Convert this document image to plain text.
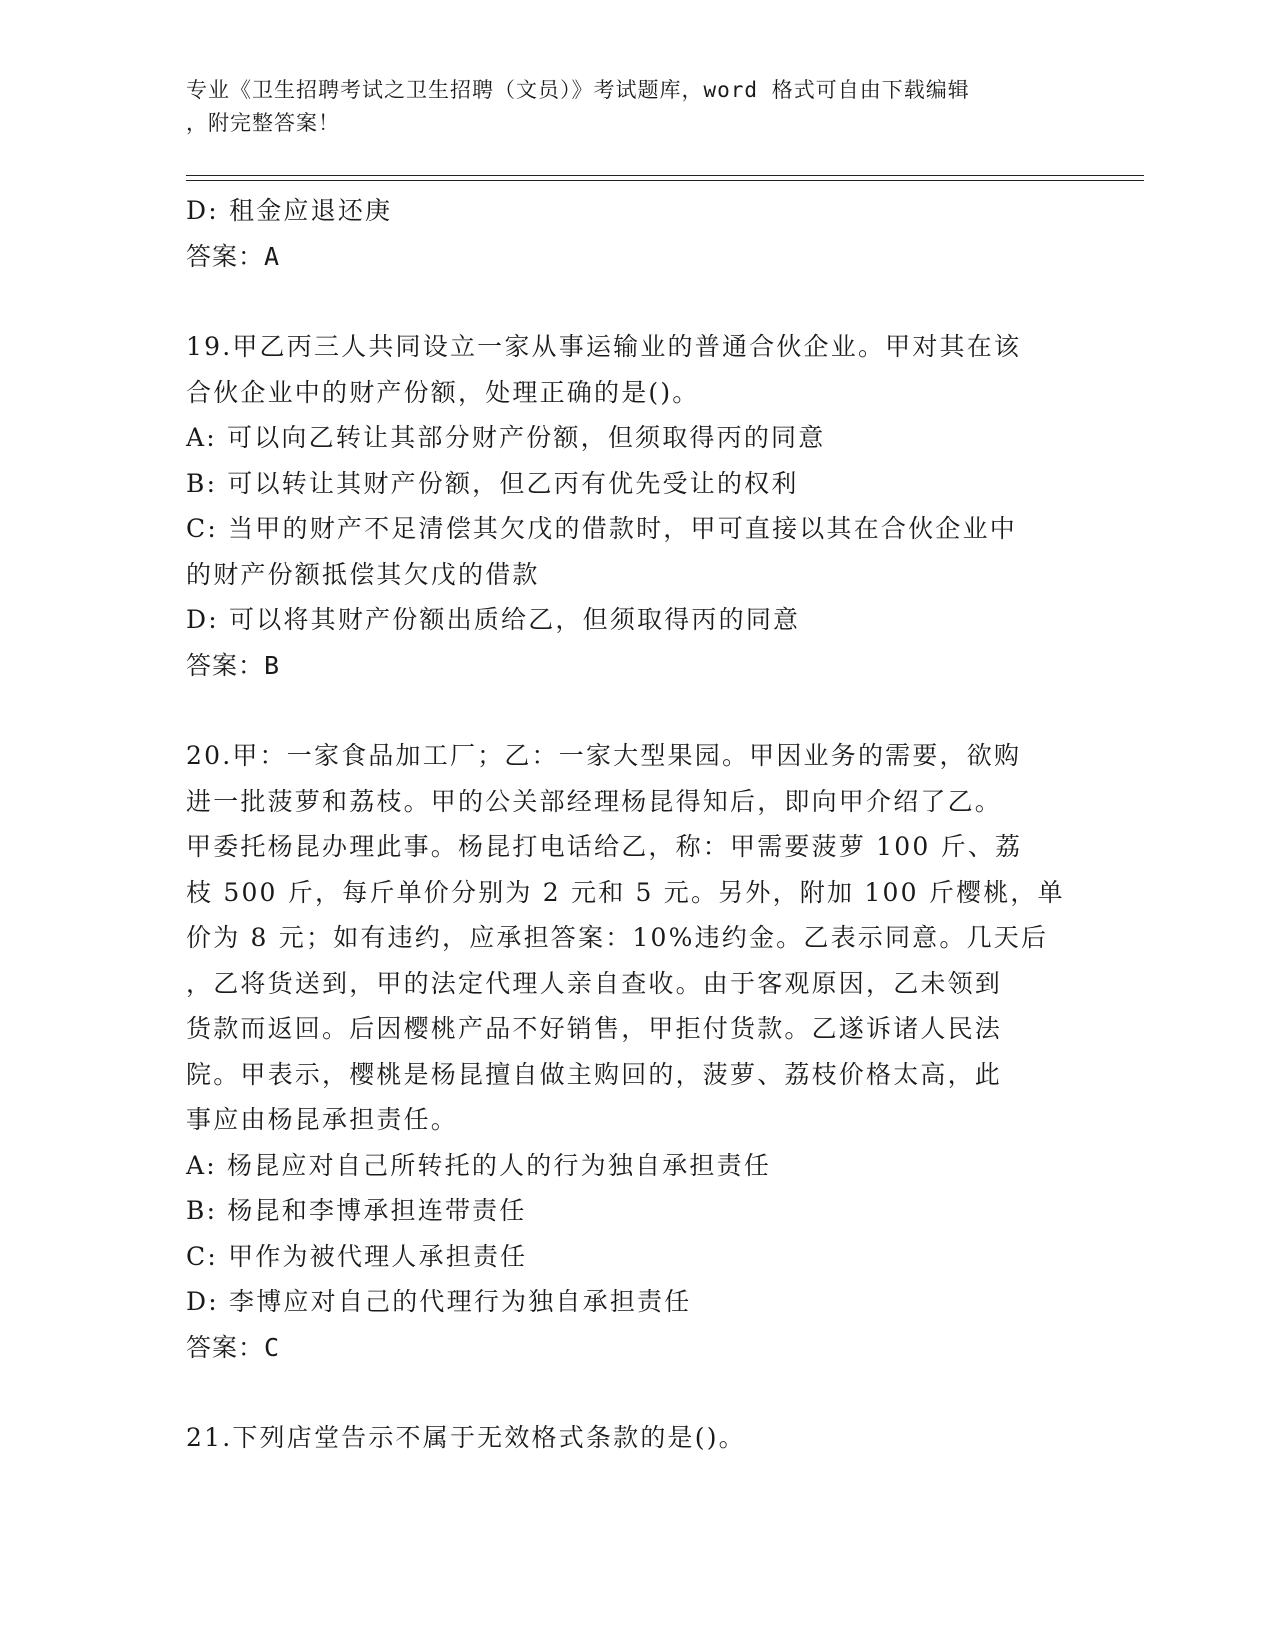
专业《卫生招聘考试之卫生招聘（文员）》考试题库，word 格式可自由下载编辑
，附完整答案！

D: 租金应退还庚

答案：A

19.甲乙丙三人共同设立一家从事运输业的普通合伙企业。甲对其在该

合伙企业中的财产份额，处理正确的是()。

A: 可以向乙转让其部分财产份额，但须取得丙的同意

B: 可以转让其财产份额，但乙丙有优先受让的权利

C: 当甲的财产不足清偿其欠戊的借款时，甲可直接以其在合伙企业中

的财产份额抵偿其欠戊的借款

D: 可以将其财产份额出质给乙，但须取得丙的同意

答案：B

20.甲：一家食品加工厂；乙：一家大型果园。甲因业务的需要，欲购

进一批菠萝和荔枝。甲的公关部经理杨昆得知后，即向甲介绍了乙。

甲委托杨昆办理此事。杨昆打电话给乙，称：甲需要菠萝 100 斤、荔

枝 500 斤，每斤单价分别为 2 元和 5 元。另外，附加 100 斤樱桃，单

价为 8 元；如有违约，应承担答案：10%违约金。乙表示同意。几天后

，乙将货送到，甲的法定代理人亲自查收。由于客观原因，乙未领到

货款而返回。后因樱桃产品不好销售，甲拒付货款。乙遂诉诸人民法

院。甲表示，樱桃是杨昆擅自做主购回的，菠萝、荔枝价格太高，此

事应由杨昆承担责任。

A: 杨昆应对自己所转托的人的行为独自承担责任

B: 杨昆和李博承担连带责任

C: 甲作为被代理人承担责任

D: 李博应对自己的代理行为独自承担责任

答案：C

21.下列店堂告示不属于无效格式条款的是()。
